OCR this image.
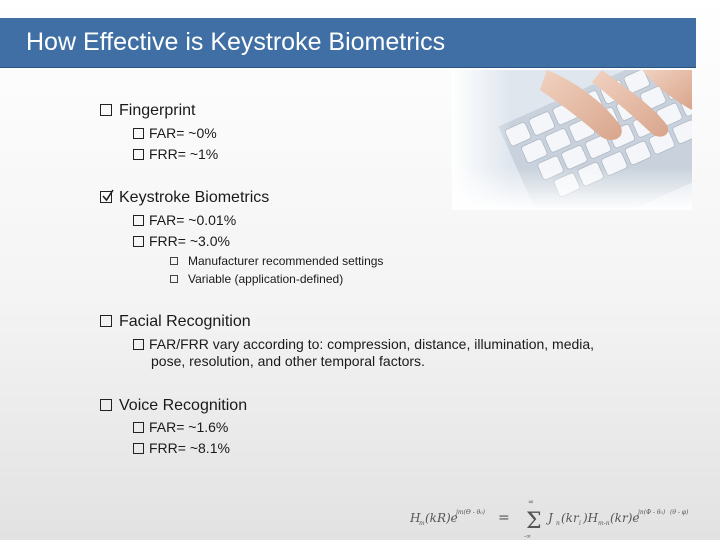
How Effective is Keystroke Biometrics
Fingerprint
FAR= ~0%
FRR= ~1%
Keystroke Biometrics
FAR= ~0.01%
FRR= ~3.0%
Manufacturer recommended settings
Variable (application-defined)
Facial Recognition
FAR/FRR vary according to: compression, distance, illumination, media,
pose, resolution, and other temporal factors.
Voice Recognition
FAR= ~1.6%
FRR= ~8.1%
H
m (kR)e
jm(Θ - θ₀) = Σ
∞
-∞
J n (kr i )H m-n (kr)e
jn(Φ - θ₀) (θ - φ)
